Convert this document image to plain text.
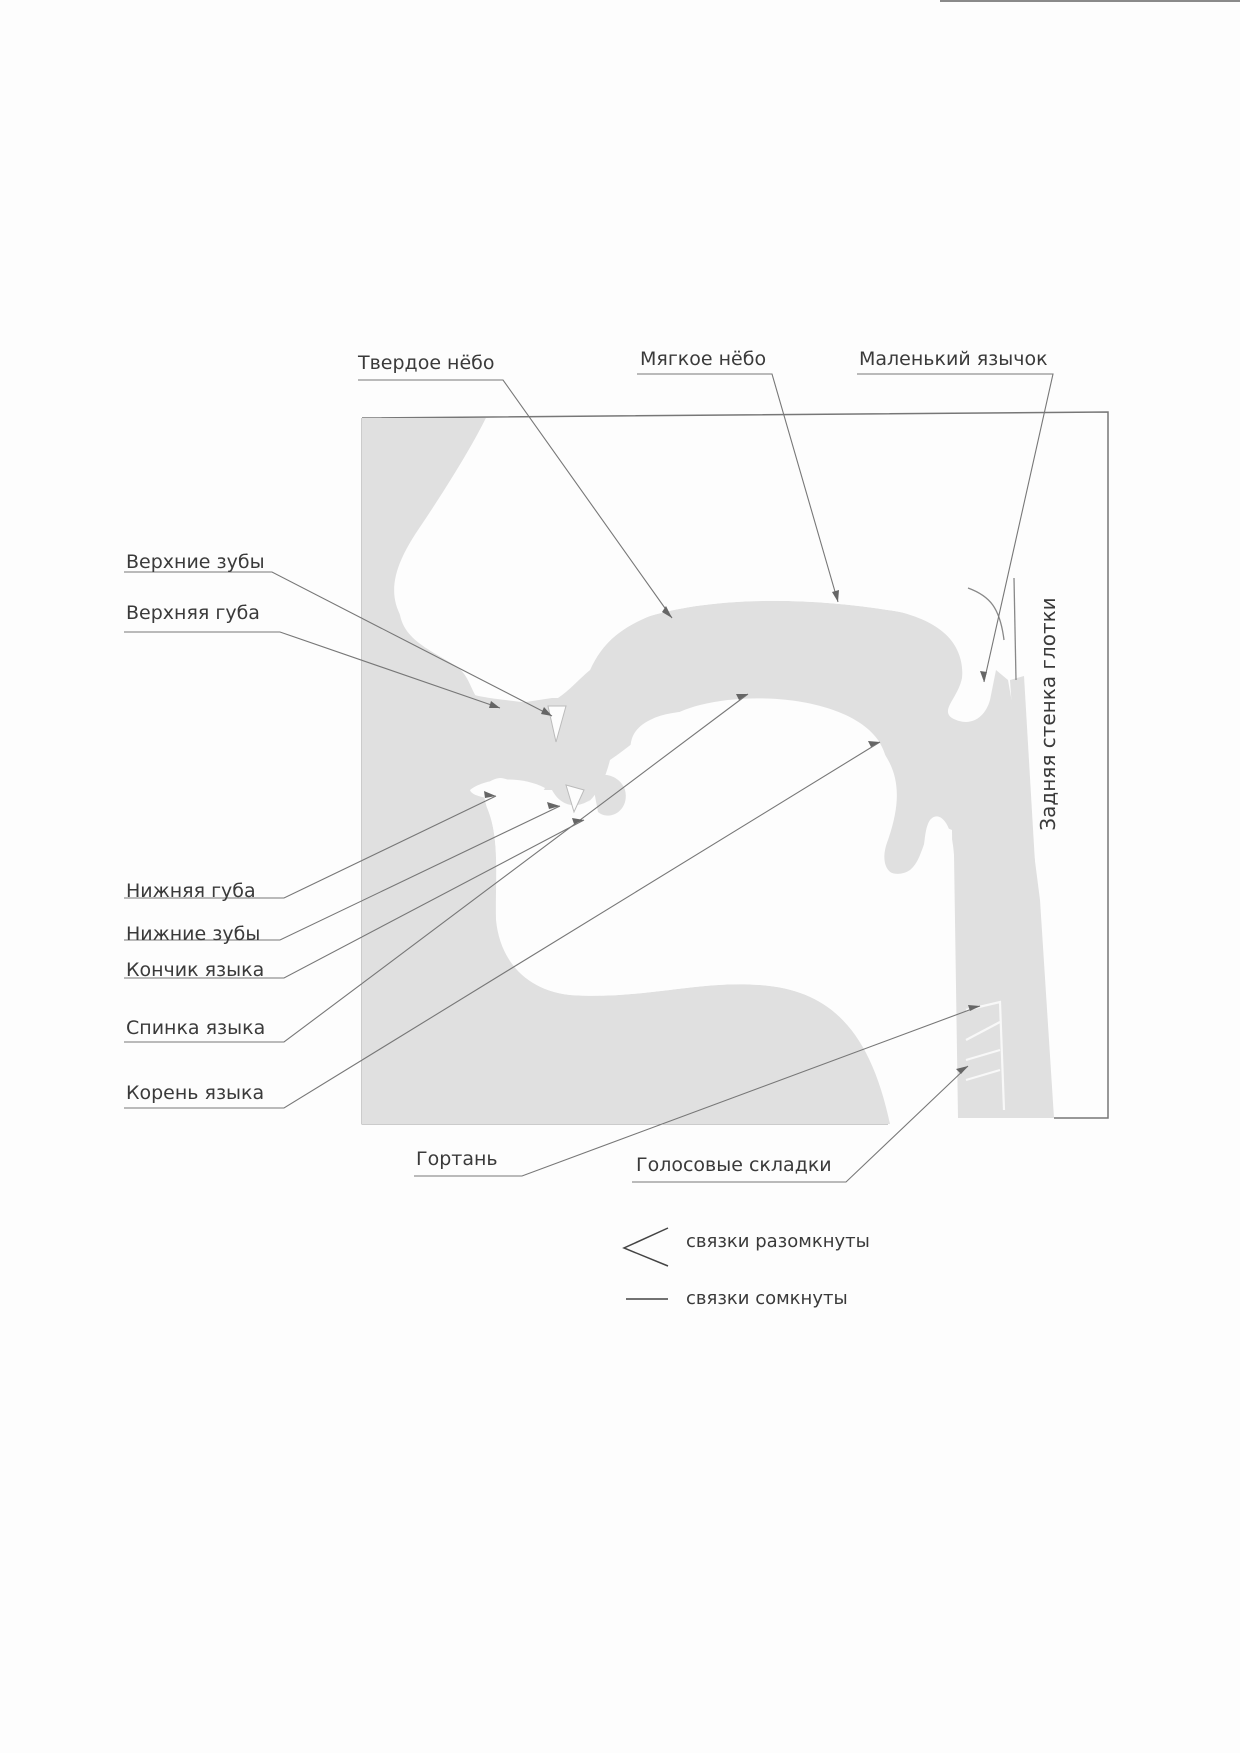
Твердое нёбо	Мягкое нёбо	Маленький язычок
Верхние зубы
Верхняя губа
Нижняя губа
Нижние зубы
Кончик языка
Спинка языка
Корень языка
Гортань	Голосовые складки
Задняя стенка глотки
связки разомкнуты
связки сомкнуты
